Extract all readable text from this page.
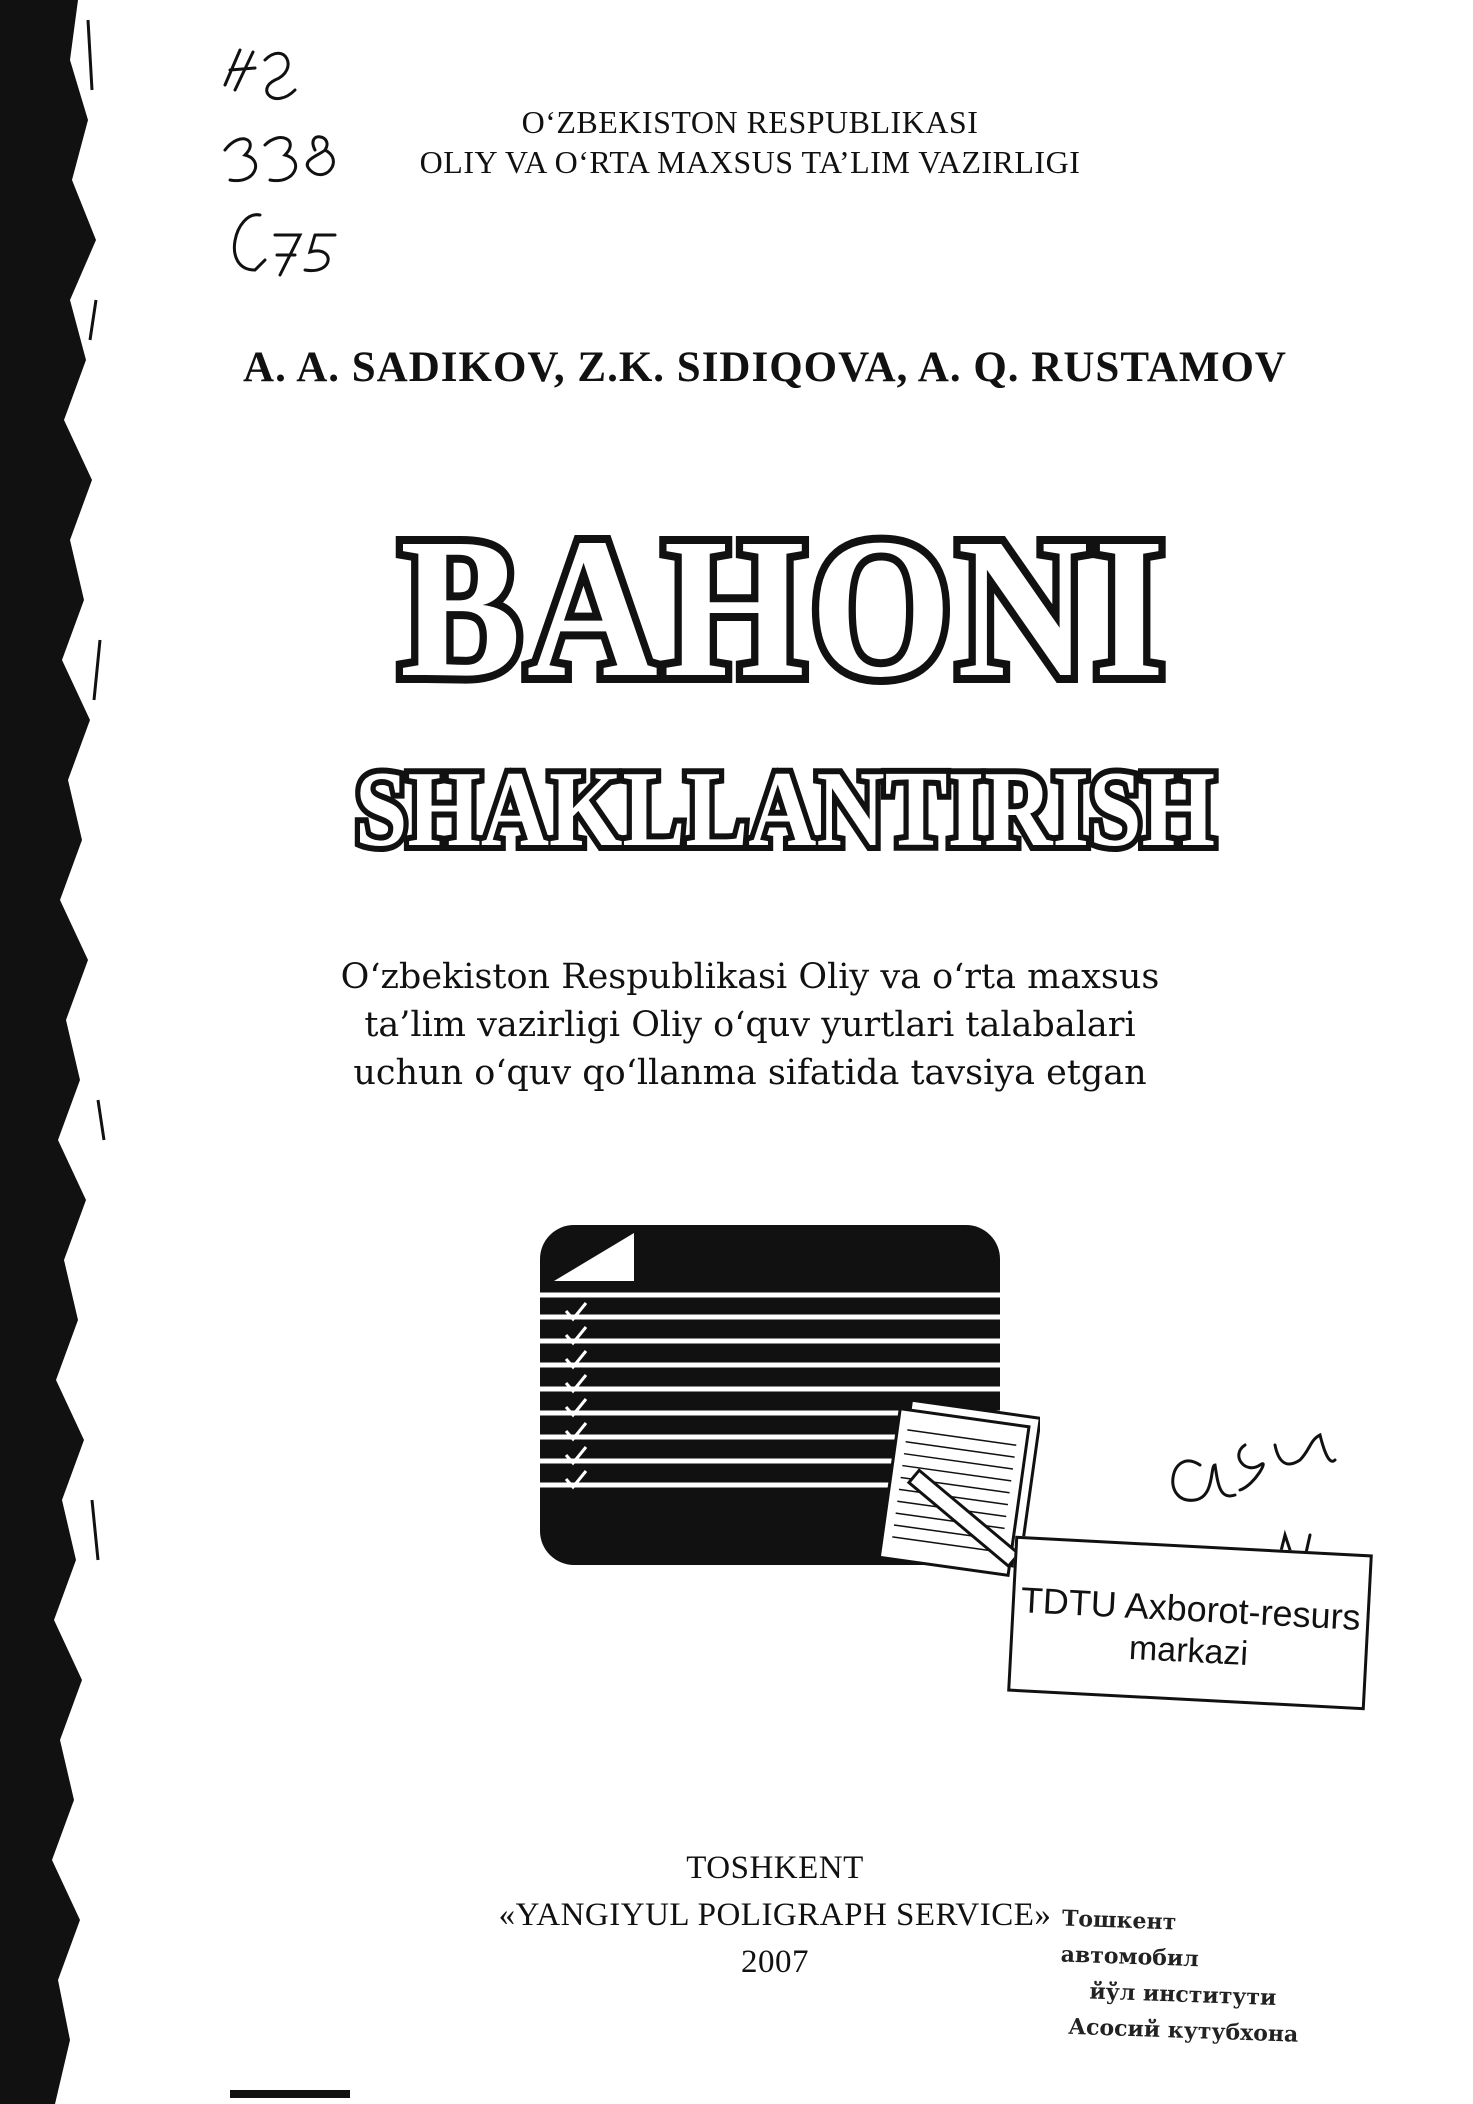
O‘ZBEKISTON RESPUBLIKASI
OLIY VA O‘RTA MAXSUS TA’LIM VAZIRLIGI
A. A. SADIKOV, Z.K. SIDIQOVA, A. Q. RUSTAMOV
BAHONI
SHAKLLANTIRISH
O‘zbekiston Respublikasi Oliy va o‘rta maxsus
ta’lim vazirligi Oliy o‘quv yurtlari talabalari
uchun o‘quv qo‘llanma sifatida tavsiya etgan
TDTU Axborot-resurs
markazi
TOSHKENT
«YANGIYUL POLIGRAPH SERVICE»
2007
Тошкент автомобил
йўл институти
Асосий кутубхона
